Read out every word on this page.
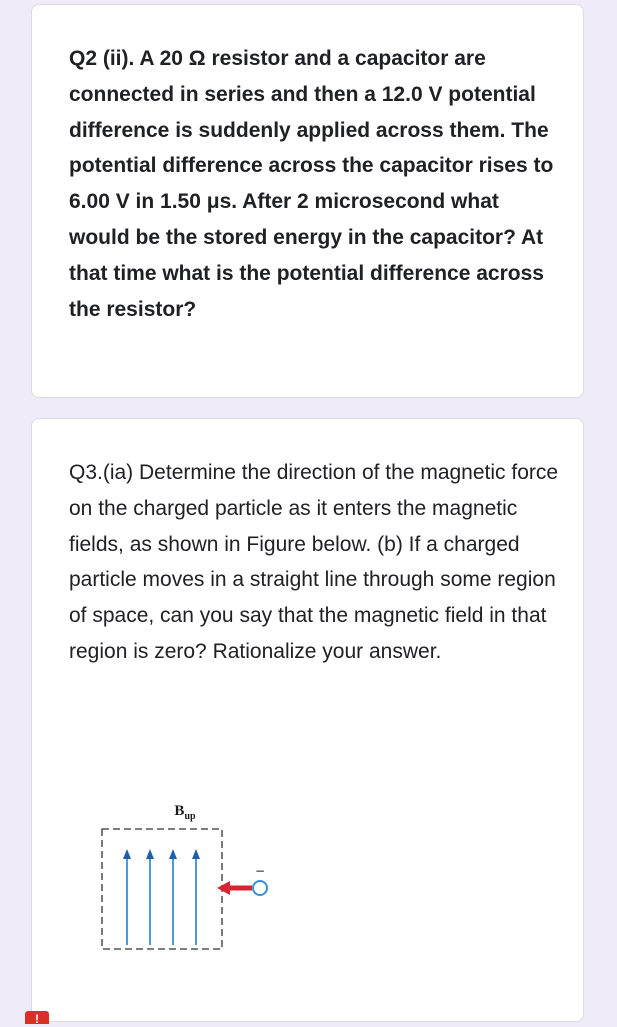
Q2 (ii). A 20 Ω resistor and a capacitor are connected in series and then a 12.0 V potential difference is suddenly applied across them. The potential difference across the capacitor rises to 6.00 V in 1.50 μs. After 2 microsecond what would be the stored energy in the capacitor? At that time what is the potential difference across the resistor?

Q3.(ia) Determine the direction of the magnetic force on the charged particle as it enters the magnetic fields, as shown in Figure below. (b) If a charged particle moves in a straight line through some region of space, can you say that the magnetic field in that region is zero? Rationalize your answer.

$B_{up}$
−
!
